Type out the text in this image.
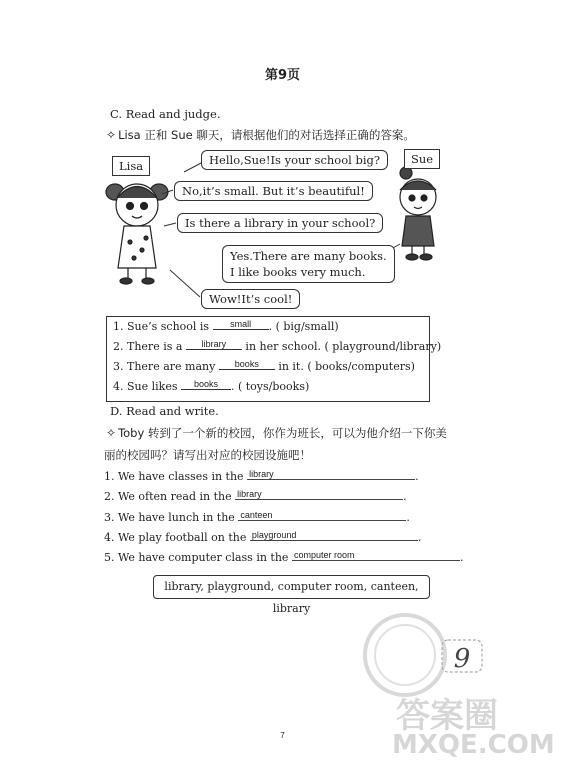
第9页
C. Read and judge.
✧ Lisa 正和 Sue 聊天，请根据他们的对话选择正确的答案。
Lisa	Sue
Hello,Sue!Is your school big?
No,it’s small. But it’s beautiful!
Is there a library in your school?
Yes.There are many books.
I like books very much.
Wow!It’s cool!
1. Sue’s school is small . ( big/small)
2. There is a library in her school. ( playground/library)
3. There are many books in it. ( books/computers)
4. Sue likes books . ( toys/books)
D. Read and write.
✧ Toby 转到了一个新的校园，你作为班长，可以为他介绍一下你美
丽的校园吗？请写出对应的校园设施吧！
1. We have classes in the library	.
2. We often read in the library	.
3. We have lunch in the canteen	.
4. We play football on the playground	.
5. We have computer class in the computer room	.
library, playground, computer room, canteen, library
9
答案圈
MXQE.COM
7
